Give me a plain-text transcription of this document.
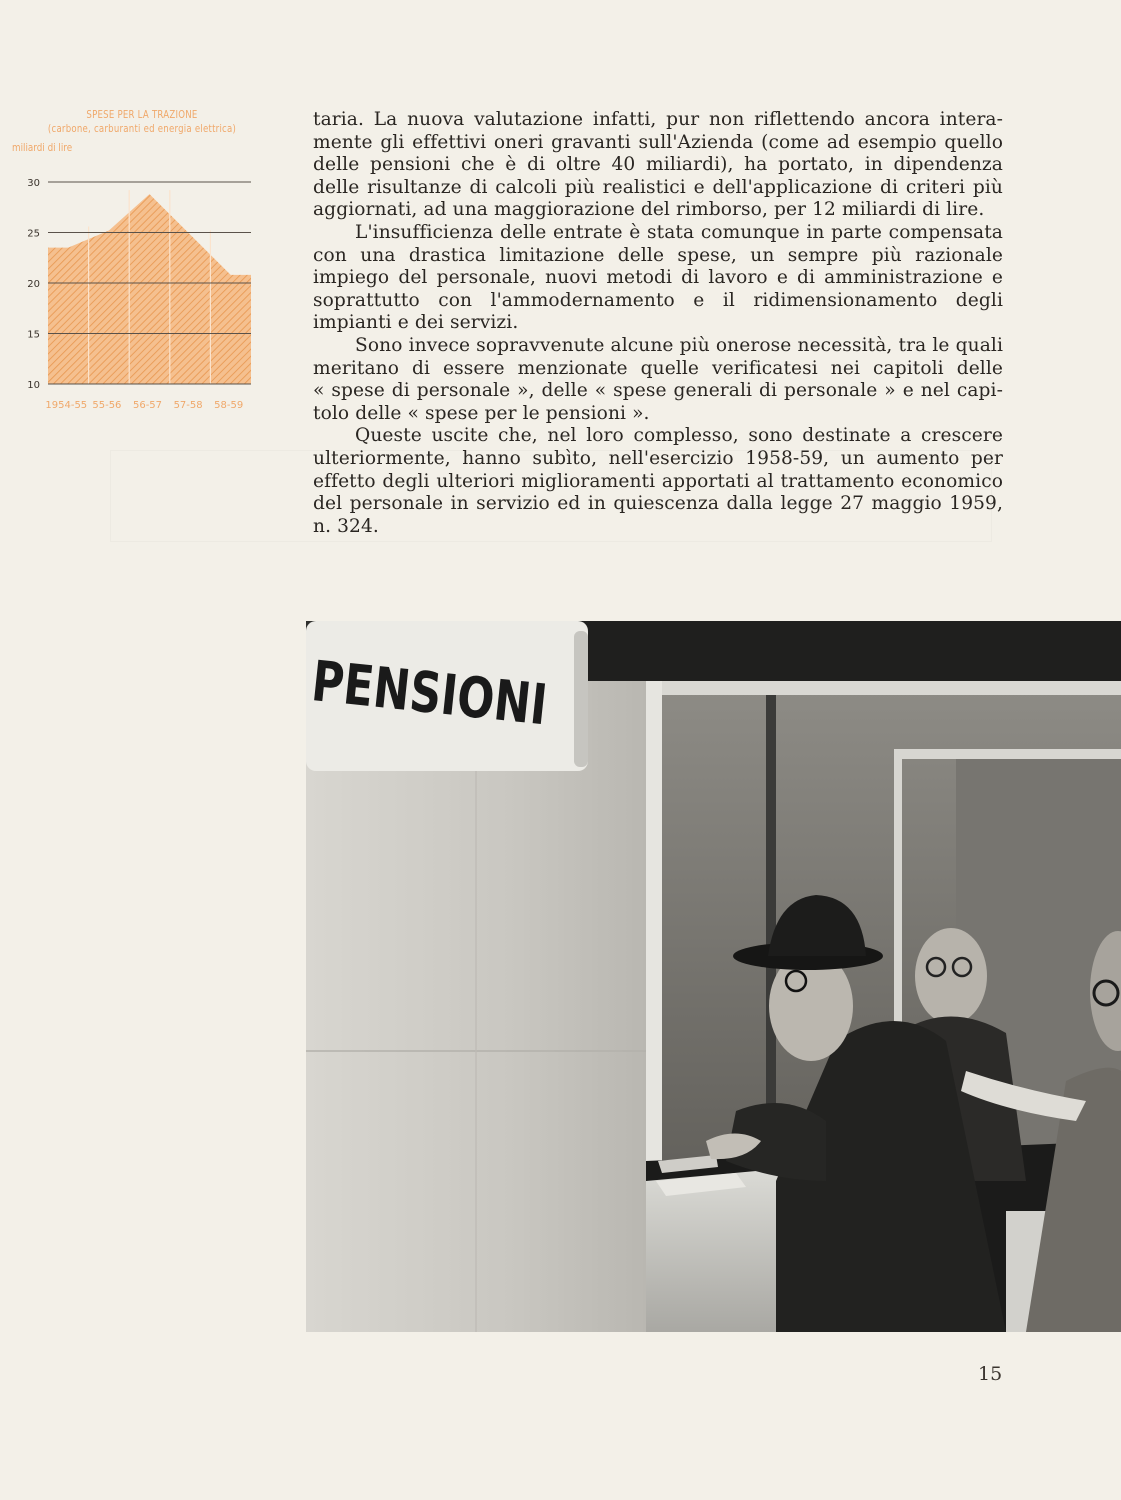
SPESE PER LA TRAZIONE
(carbone, carburanti ed energia elettrica)
miliardi di lire
10
15
20
25
30
1954-55 55-56 56-57 57-58 58-59

taria. La nuova valutazione infatti, pur non riflettendo ancora intera-
mente gli effettivi oneri gravanti sull'Azienda (come ad esempio quello
delle pensioni che è di oltre 40 miliardi), ha portato, in dipendenza
delle risultanze di calcoli più realistici e dell'applicazione di criteri più
aggiornati, ad una maggiorazione del rimborso, per 12 miliardi di lire.

L'insufficienza delle entrate è stata comunque in parte compensata
con una drastica limitazione delle spese, un sempre più razionale
impiego del personale, nuovi metodi di lavoro e di amministrazione e
soprattutto con l'ammodernamento e il ridimensionamento degli
impianti e dei servizi.

Sono invece sopravvenute alcune più onerose necessità, tra le quali
meritano di essere menzionate quelle verificatesi nei capitoli delle
« spese di personale », delle « spese generali di personale » e nel capi-
tolo delle « spese per le pensioni ».

Queste uscite che, nel loro complesso, sono destinate a crescere
ulteriormente, hanno subìto, nell'esercizio 1958-59, un aumento per
effetto degli ulteriori miglioramenti apportati al trattamento economico
del personale in servizio ed in quiescenza dalla legge 27 maggio 1959,
n. 324.

PENSIONI
15
